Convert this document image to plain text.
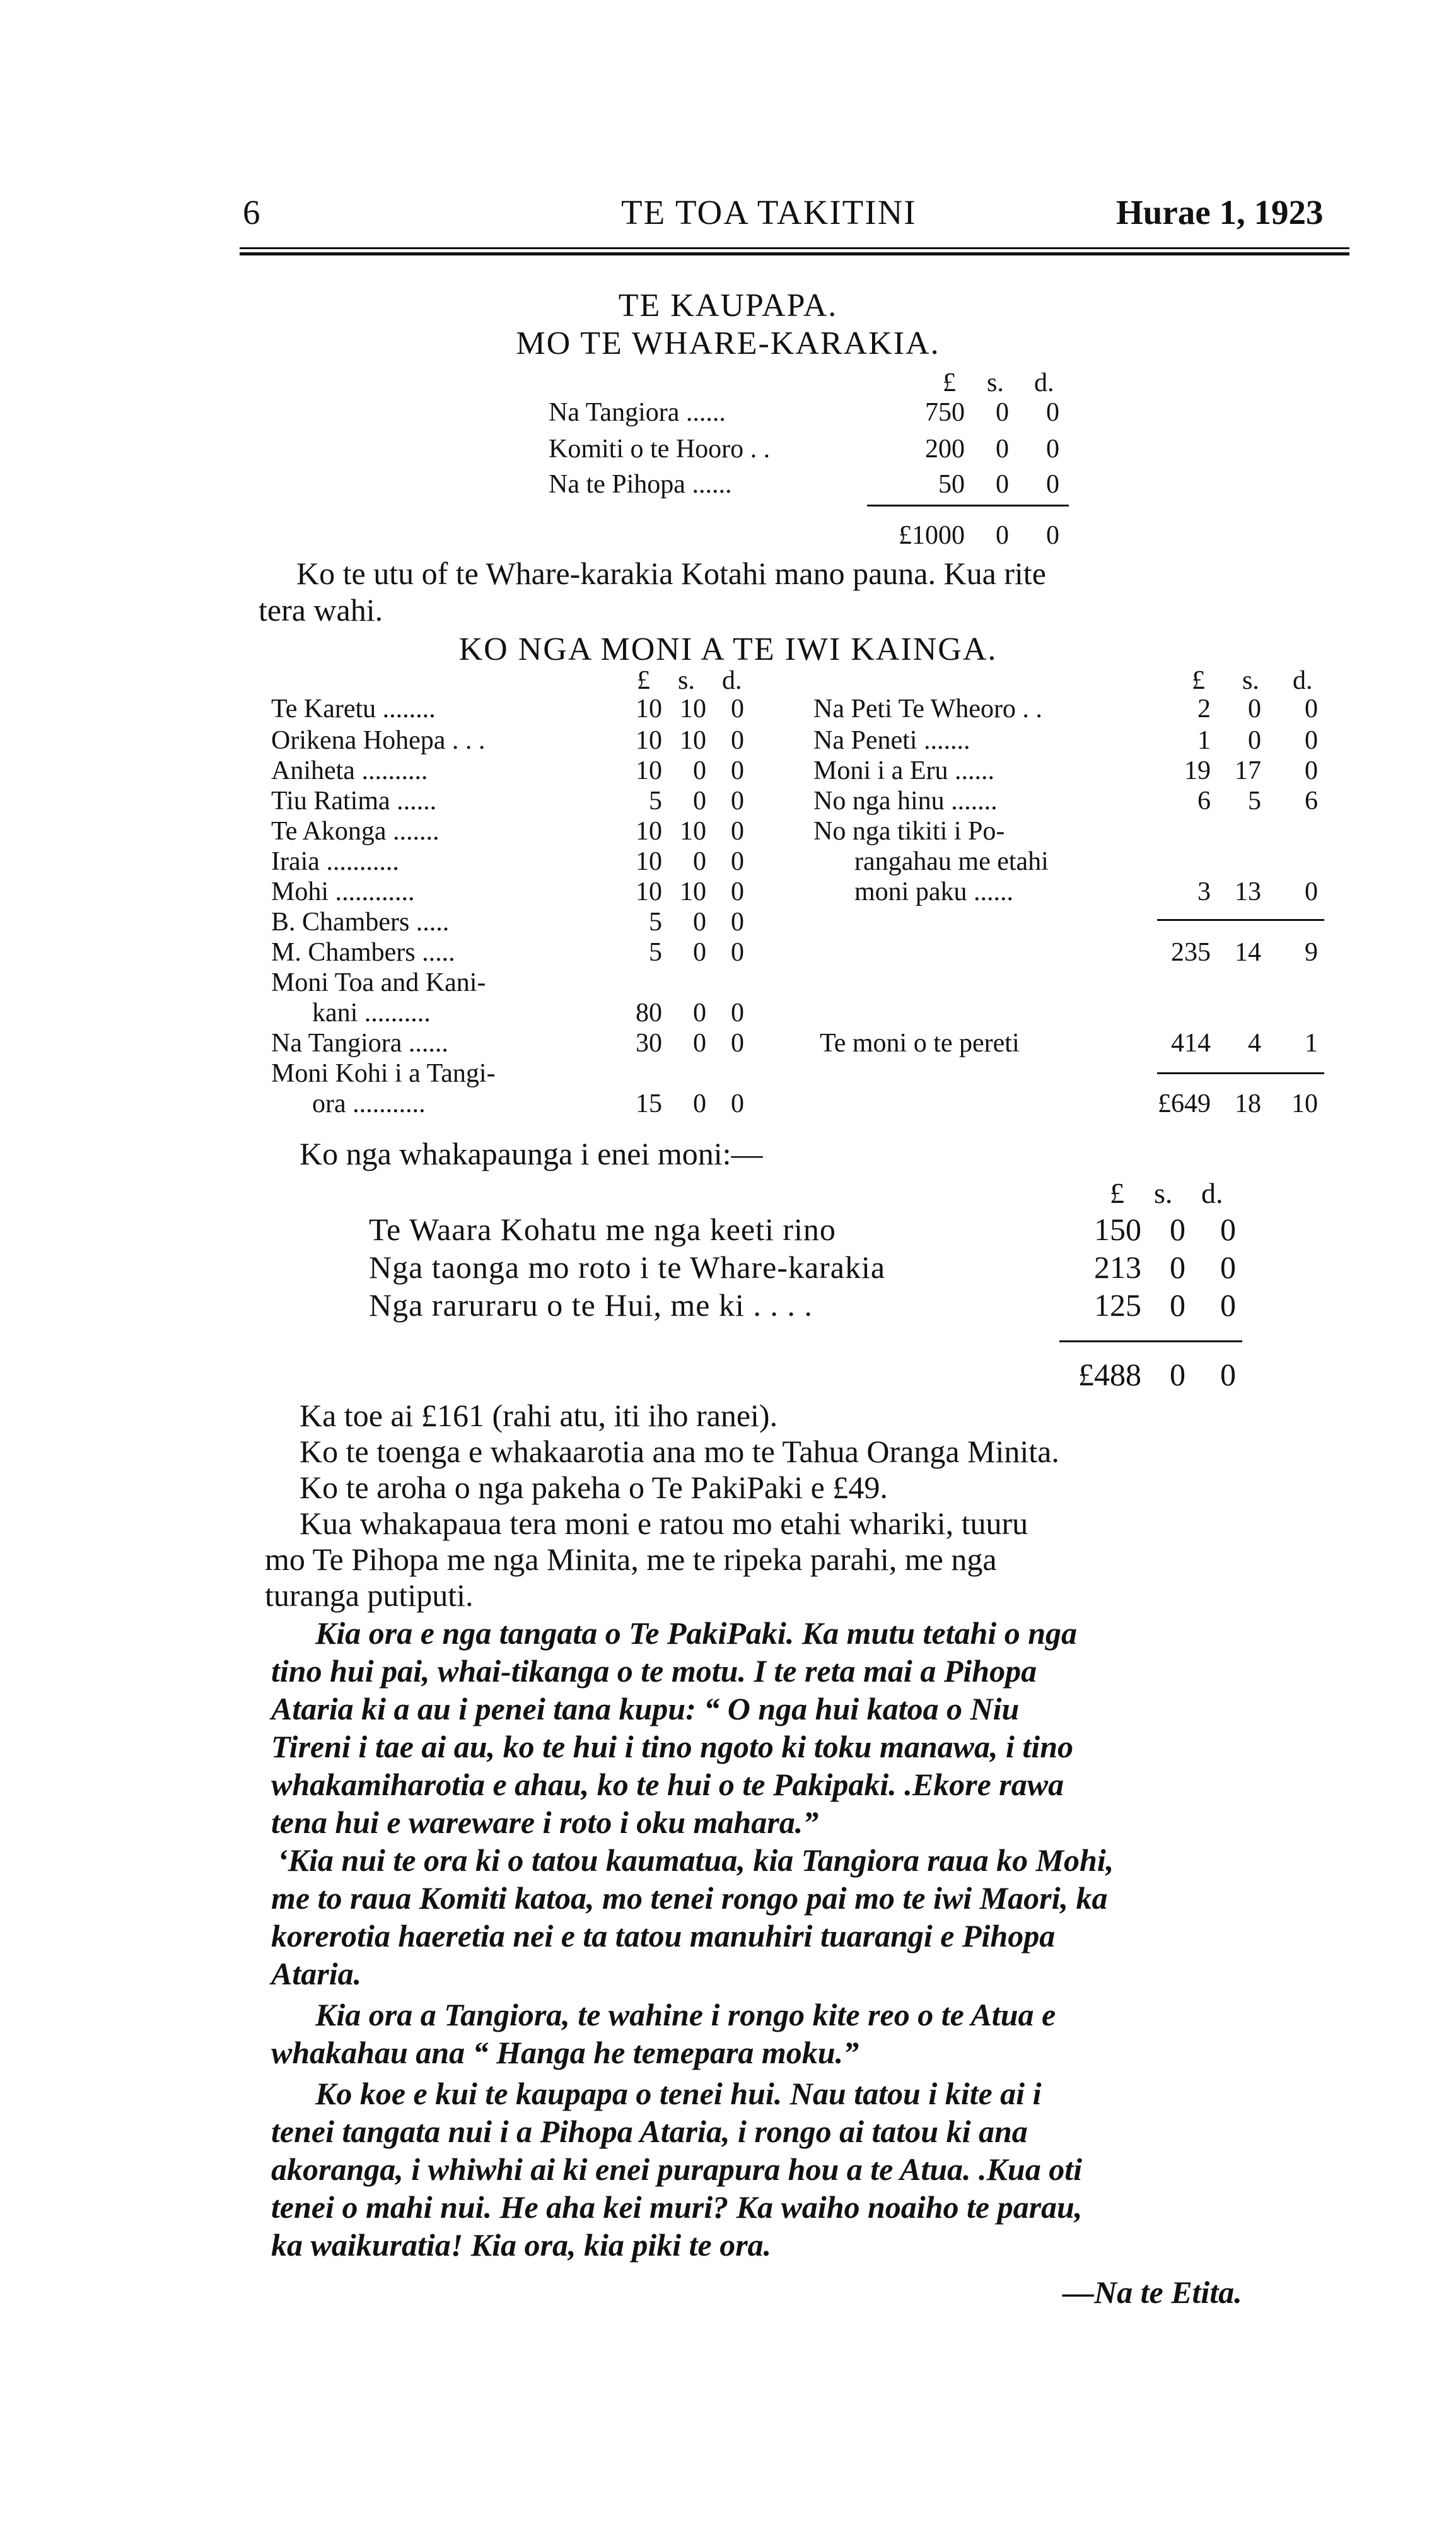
6	TE TOA TAKITINI	Hurae 1, 1923
TE KAUPAPA.
MO TE WHARE-KARAKIA.
£ s. d.
Na Tangiora ......	750	0	0
Komiti o te Hooro . .	200	0	0
Na te Pihopa ......	50	0	0
£1000	0	0
Ko te utu of te Whare-karakia Kotahi mano pauna. Kua rite
tera wahi.
KO NGA MONI A TE IWI KAINGA.
£ s. d.
Te Karetu ........	10 10 0
Orikena Hohepa . . .	10 10 0
Aniheta ..........	10	0 0
Tiu Ratima ......	5	0 0
Te Akonga .......	10 10 0
Iraia ...........	10	0 0
Mohi ............	10 10 0
B. Chambers .....	5	0 0
M. Chambers .....	5	0 0
Moni Toa and Kani-
kani ..........	80	0 0
Na Tangiora ......	30	0 0
Moni Kohi i a Tangi-
ora ...........	15	0 0
£ s. d.
Na Peti Te Wheoro . .	2	0	0
Na Peneti .......	1	0	0
Moni i a Eru ......	19 17	0
No nga hinu .......	6	5	6
No nga tikiti i Po-
rangahau me etahi
moni paku ......	3 13	0
235 14	9
Te moni o te pereti	414	4	1
£649 18	10
Ko nga whakapaunga i enei moni:—
£ s. d.
Te Waara Kohatu me nga keeti rino	150 0	0
Nga taonga mo roto i te Whare-karakia	213 0	0
Nga raruraru o te Hui, me ki . . . .	125 0	0
£488 0	0
Ka toe ai £161 (rahi atu, iti iho ranei).
Ko te toenga e whakaarotia ana mo te Tahua Oranga Minita.
Ko te aroha o nga pakeha o Te PakiPaki e £49.
Kua whakapaua tera moni e ratou mo etahi whariki, tuuru
mo Te Pihopa me nga Minita, me te ripeka parahi, me nga
turanga putiputi.
Kia ora e nga tangata o Te PakiPaki. Ka mutu tetahi o nga
tino hui pai, whai-tikanga o te motu. I te reta mai a Pihopa
Ataria ki a au i penei tana kupu: “ O nga hui katoa o Niu
Tireni i tae ai au, ko te hui i tino ngoto ki toku manawa, i tino
whakamiharotia e ahau, ko te hui o te Pakipaki. .Ekore rawa
tena hui e wareware i roto i oku mahara.”
‘Kia nui te ora ki o tatou kaumatua, kia Tangiora raua ko Mohi,
me to raua Komiti katoa, mo tenei rongo pai mo te iwi Maori, ka
korerotia haeretia nei e ta tatou manuhiri tuarangi e Pihopa
Ataria.
Kia ora a Tangiora, te wahine i rongo kite reo o te Atua e
whakahau ana “ Hanga he temepara moku.”
Ko koe e kui te kaupapa o tenei hui. Nau tatou i kite ai i
tenei tangata nui i a Pihopa Ataria, i rongo ai tatou ki ana
akoranga, i whiwhi ai ki enei purapura hou a te Atua. .Kua oti
tenei o mahi nui. He aha kei muri? Ka waiho noaiho te parau,
ka waikuratia! Kia ora, kia piki te ora.
—Na te Etita.
